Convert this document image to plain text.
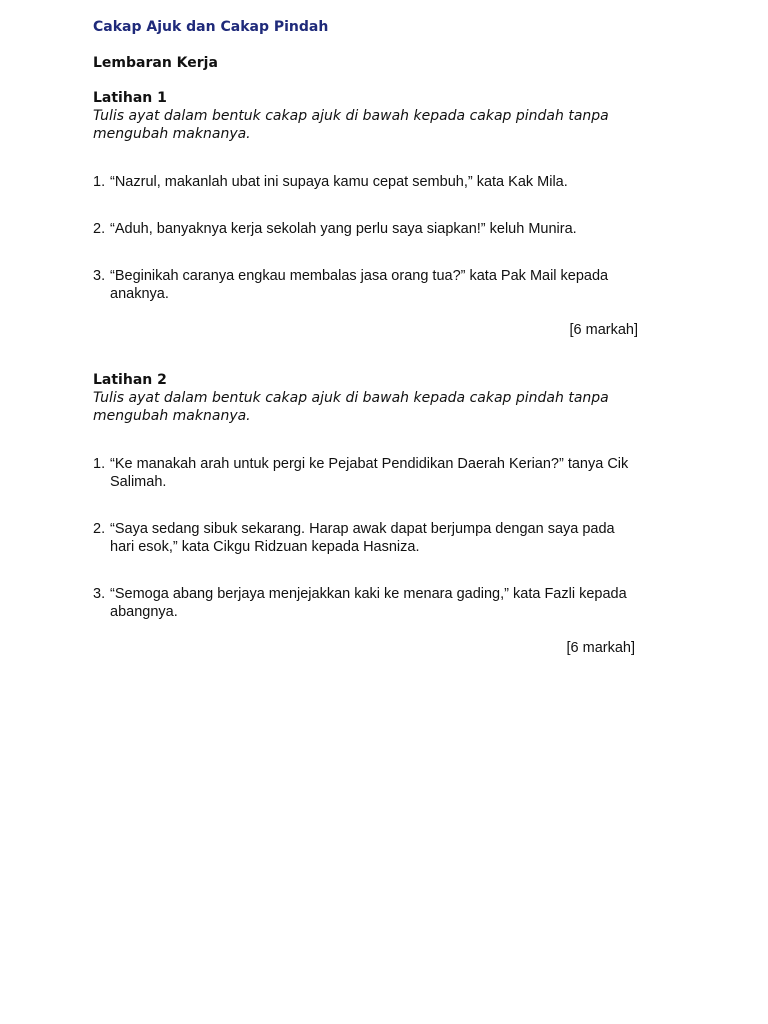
Cakap Ajuk dan Cakap Pindah
Lembaran Kerja
Latihan 1
Tulis ayat dalam bentuk cakap ajuk di bawah kepada cakap pindah tanpa mengubah maknanya.
1. “Nazrul, makanlah ubat ini supaya kamu cepat sembuh,” kata Kak Mila.
2. “Aduh, banyaknya kerja sekolah yang perlu saya siapkan!” keluh Munira.
3. “Beginikah caranya engkau membalas jasa orang tua?” kata Pak Mail kepada anaknya.
[6 markah]
Latihan 2
Tulis ayat dalam bentuk cakap ajuk di bawah kepada cakap pindah tanpa mengubah maknanya.
1. “Ke manakah arah untuk pergi ke Pejabat Pendidikan Daerah Kerian?” tanya Cik Salimah.
2. “Saya sedang sibuk sekarang. Harap awak dapat berjumpa dengan saya pada hari esok,” kata Cikgu Ridzuan kepada Hasniza.
3. “Semoga abang berjaya menjejakkan kaki ke menara gading,” kata Fazli kepada abangnya.
[6 markah]
